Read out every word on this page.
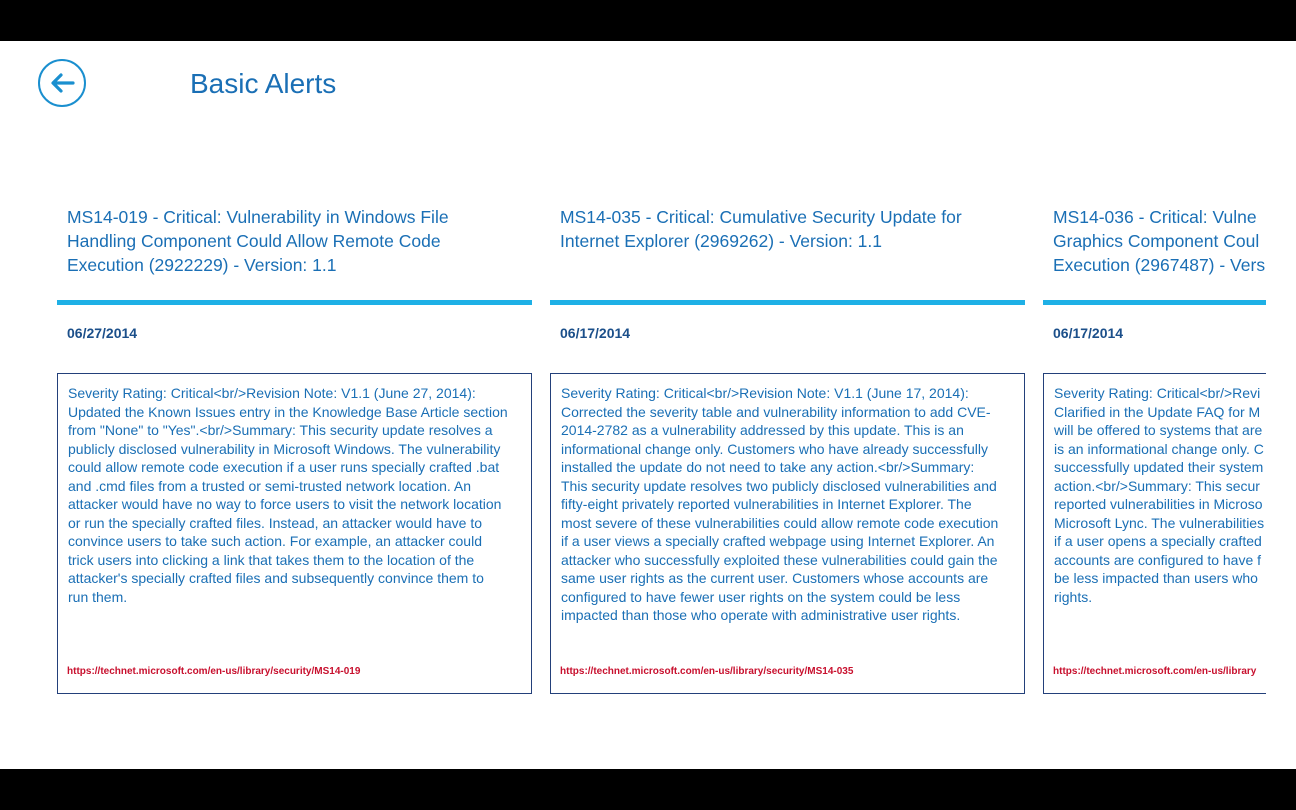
Basic Alerts
MS14-019 - Critical: Vulnerability in Windows File
Handling Component Could Allow Remote Code
Execution (2922229) - Version: 1.1
06/27/2014
Severity Rating: Critical<br/>Revision Note: V1.1 (June 27, 2014):
Updated the Known Issues entry in the Knowledge Base Article section
from "None" to "Yes".<br/>Summary: This security update resolves a
publicly disclosed vulnerability in Microsoft Windows. The vulnerability
could allow remote code execution if a user runs specially crafted .bat
and .cmd files from a trusted or semi-trusted network location. An
attacker would have no way to force users to visit the network location
or run the specially crafted files. Instead, an attacker would have to
convince users to take such action. For example, an attacker could
trick users into clicking a link that takes them to the location of the
attacker's specially crafted files and subsequently convince them to
run them.
https://technet.microsoft.com/en-us/library/security/MS14-019
MS14-035 - Critical: Cumulative Security Update for
Internet Explorer (2969262) - Version: 1.1
06/17/2014
Severity Rating: Critical<br/>Revision Note: V1.1 (June 17, 2014):
Corrected the severity table and vulnerability information to add CVE-
2014-2782 as a vulnerability addressed by this update. This is an
informational change only. Customers who have already successfully
installed the update do not need to take any action.<br/>Summary:
This security update resolves two publicly disclosed vulnerabilities and
fifty-eight privately reported vulnerabilities in Internet Explorer. The
most severe of these vulnerabilities could allow remote code execution
if a user views a specially crafted webpage using Internet Explorer. An
attacker who successfully exploited these vulnerabilities could gain the
same user rights as the current user. Customers whose accounts are
configured to have fewer user rights on the system could be less
impacted than those who operate with administrative user rights.
https://technet.microsoft.com/en-us/library/security/MS14-035
MS14-036 - Critical: Vulne
Graphics Component Coul
Execution (2967487) - Vers
06/17/2014
Severity Rating: Critical<br/>Revi
Clarified in the Update FAQ for M
will be offered to systems that are
is an informational change only. C
successfully updated their system
action.<br/>Summary: This secur
reported vulnerabilities in Microso
Microsoft Lync. The vulnerabilities
if a user opens a specially crafted
accounts are configured to have f
be less impacted than users who
rights.
https://technet.microsoft.com/en-us/library
